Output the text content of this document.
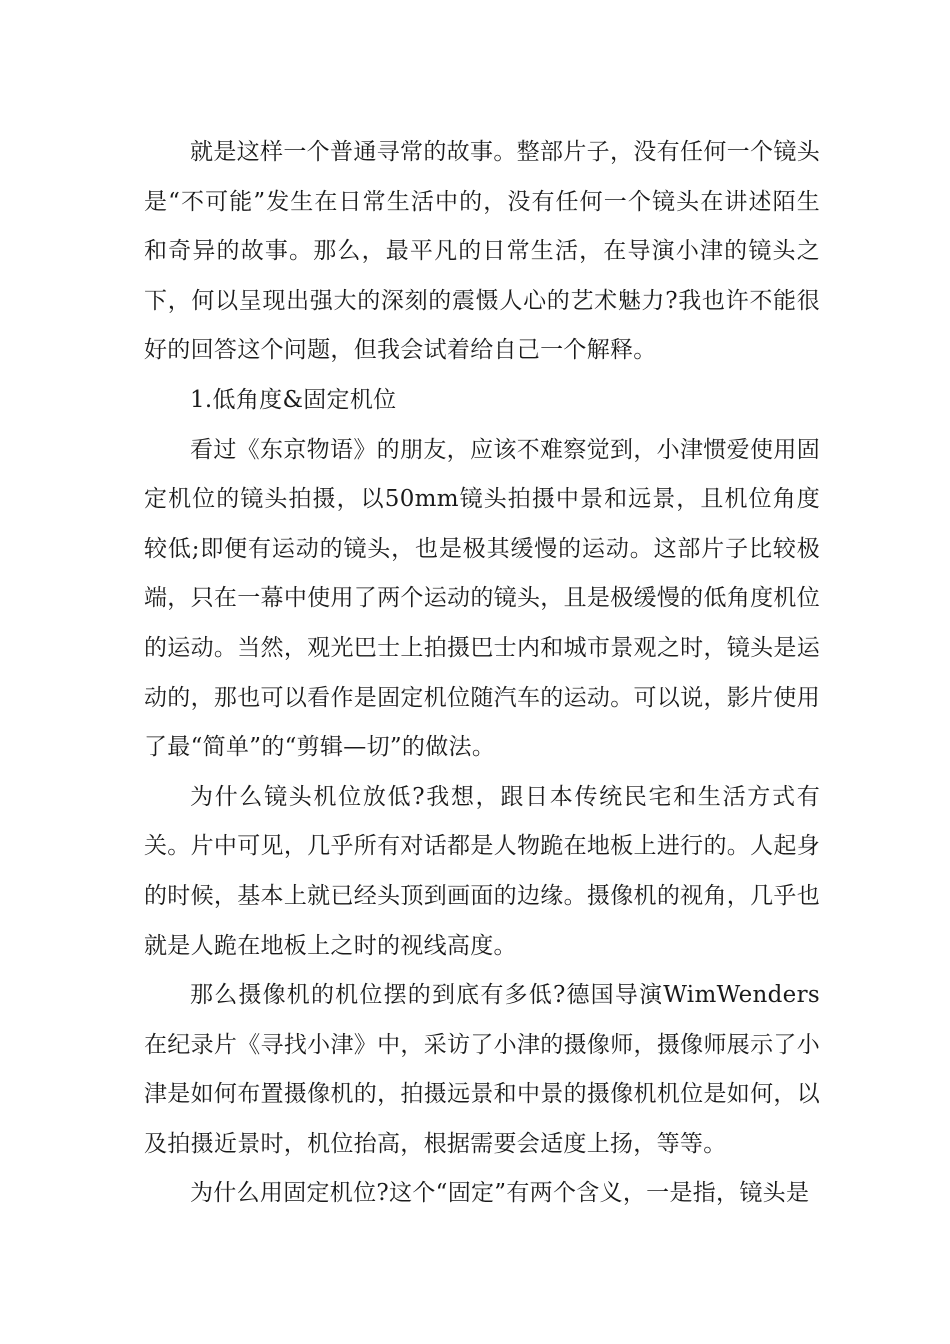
就是这样一个普通寻常的故事。整部片子，没有任何一个镜头是“不可能”发生在日常生活中的，没有任何一个镜头在讲述陌生和奇异的故事。那么，最平凡的日常生活，在导演小津的镜头之下，何以呈现出强大的深刻的震慑人心的艺术魅力?我也许不能很好的回答这个问题，但我会试着给自己一个解释。

1.低角度&固定机位

看过《东京物语》的朋友，应该不难察觉到，小津惯爱使用固定机位的镜头拍摄，以50mm镜头拍摄中景和远景，且机位角度较低;即便有运动的镜头，也是极其缓慢的运动。这部片子比较极端，只在一幕中使用了两个运动的镜头，且是极缓慢的低角度机位的运动。当然，观光巴士上拍摄巴士内和城市景观之时，镜头是运动的，那也可以看作是固定机位随汽车的运动。可以说，影片使用了最“简单”的“剪辑—切”的做法。

为什么镜头机位放低?我想，跟日本传统民宅和生活方式有关。片中可见，几乎所有对话都是人物跪在地板上进行的。人起身的时候，基本上就已经头顶到画面的边缘。摄像机的视角，几乎也就是人跪在地板上之时的视线高度。

那么摄像机的机位摆的到底有多低?德国导演WimWenders在纪录片《寻找小津》中，采访了小津的摄像师，摄像师展示了小津是如何布置摄像机的，拍摄远景和中景的摄像机机位是如何，以及拍摄近景时，机位抬高，根据需要会适度上扬，等等。

为什么用固定机位?这个“固定”有两个含义，一是指，镜头是
